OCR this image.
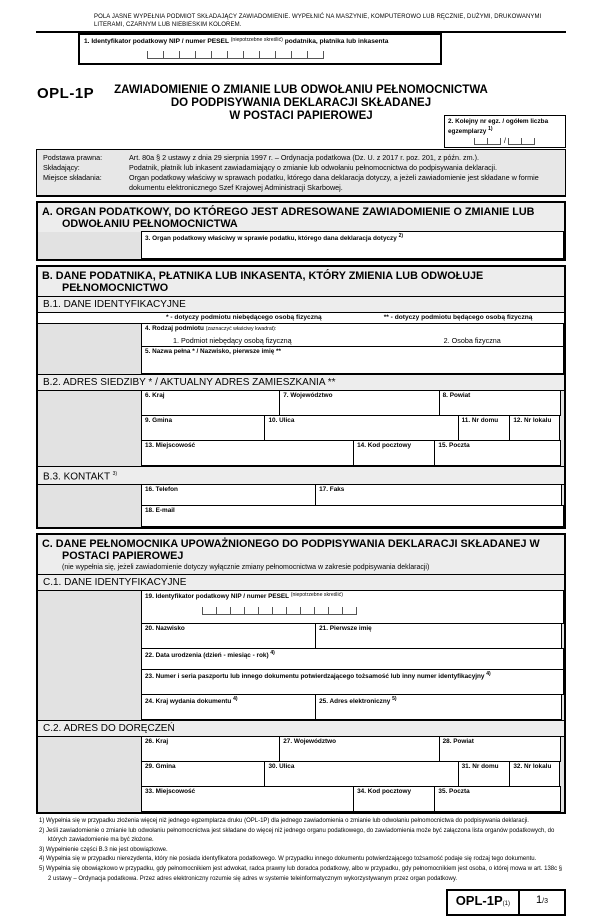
POLA JASNE WYPEŁNIA PODMIOT SKŁADAJĄCY ZAWIADOMIENIE. WYPEŁNIĆ NA MASZYNIE, KOMPUTEROWO LUB RĘCZNIE, DUŻYMI, DRUKOWANYMI LITERAMI, CZARNYM LUB NIEBIESKIM KOLOREM.
1. Identyfikator podatkowy NIP / numer PESEL $^{(niepotrzebne skreślić)}$ podatnika, płatnika lub inkasenta
OPL-1P	ZAWIADOMIENIE O ZMIANIE LUB ODWOŁANIU PEŁNOMOCNICTWA
DO PODPISYWANIA DEKLARACJI SKŁADANEJ
W POSTACI PAPIEROWEJ	2. Kolejny nr egz. / ogółem liczba egzemplarzy $^{1)}$
/
Podstawa prawna:	Art. 80a § 2 ustawy z dnia 29 sierpnia 1997 r. – Ordynacja podatkowa (Dz. U. z 2017 r. poz. 201, z późn. zm.).
Składający:	Podatnik, płatnik lub inkasent zawiadamiający o zmianie lub odwołaniu pełnomocnictwa do podpisywania deklaracji.
Miejsce składania:	Organ podatkowy właściwy w sprawach podatku, którego dana deklaracja dotyczy, a jeżeli zawiadomienie jest składane w formie dokumentu elektronicznego Szef Krajowej Administracji Skarbowej.
A. ORGAN PODATKOWY, DO KTÓREGO JEST ADRESOWANE ZAWIADOMIENIE O ZMIANIE LUB ODWOŁANIU PEŁNOMOCNICTWA
3. Organ podatkowy właściwy w sprawie podatku, którego dana deklaracja dotyczy $^{2)}$
B. DANE PODATNIKA, PŁATNIKA LUB INKASENTA, KTÓRY ZMIENIA LUB ODWOŁUJE PEŁNOMOCNICTWO
B.1. DANE IDENTYFIKACYJNE
* - dotyczy podmiotu niebędącego osobą fizyczną	** - dotyczy podmiotu będącego osobą fizyczną
4. Rodzaj podmiotu (zaznaczyć właściwy kwadrat):
1. Podmiot niebędący osobą fizyczną	2. Osoba fizyczna
5. Nazwa pełna * / Nazwisko, pierwsze imię **
B.2. ADRES SIEDZIBY * / AKTUALNY ADRES ZAMIESZKANIA **
6. Kraj	7. Województwo	8. Powiat
9. Gmina	10. Ulica	11. Nr domu	12. Nr lokalu
13. Miejscowość	14. Kod pocztowy	15. Poczta
B.3. KONTAKT $^{3)}$
16. Telefon	17. Faks
18. E-mail
C. DANE PEŁNOMOCNIKA UPOWAŻNIONEGO DO PODPISYWANIA DEKLARACJI SKŁADANEJ W POSTACI PAPIEROWEJ
(nie wypełnia się, jeżeli zawiadomienie dotyczy wyłącznie zmiany pełnomocnictwa w zakresie podpisywania deklaracji)
C.1. DANE IDENTYFIKACYJNE
19. Identyfikator podatkowy NIP / numer PESEL $^{(niepotrzebne skreślić)}$
20. Nazwisko	21. Pierwsze imię
22. Data urodzenia (dzień - miesiąc - rok) $^{4)}$
23. Numer i seria paszportu lub innego dokumentu potwierdzającego tożsamość lub inny numer identyfikacyjny $^{4)}$
24. Kraj wydania dokumentu $^{4)}$	25. Adres elektroniczny $^{5)}$
C.2. ADRES DO DORĘCZEŃ
26. Kraj	27. Województwo	28. Powiat
29. Gmina	30. Ulica	31. Nr domu	32. Nr lokalu
33. Miejscowość	34. Kod pocztowy	35. Poczta
1) Wypełnia się w przypadku złożenia więcej niż jednego egzemplarza druku (OPL-1P) dla jednego zawiadomienia o zmianie lub odwołaniu pełnomocnictwa do podpisywania deklaracji.
2) Jeśli zawiadomienie o zmianie lub odwołaniu pełnomocnictwa jest składane do więcej niż jednego organu podatkowego, do zawiadomienia może być załączona lista organów podatkowych, do których zawiadomienie ma być złożone.
3) Wypełnienie części B.3 nie jest obowiązkowe.
4) Wypełnia się w przypadku nierezydenta, który nie posiada identyfikatora podatkowego. W przypadku innego dokumentu potwierdzającego tożsamość podaje się rodzaj tego dokumentu.
5) Wypełnia się obowiązkowo w przypadku, gdy pełnomocnikiem jest adwokat, radca prawny lub doradca podatkowy, albo w przypadku, gdy pełnomocnikiem jest osoba, o której mowa w art. 138c § 2 ustawy – Ordynacja podatkowa. Przez adres elektroniczny rozumie się adres w systemie teleinformatycznym wykorzystywanym przez organ podatkowy.
OPL-1P(1)	1/3
